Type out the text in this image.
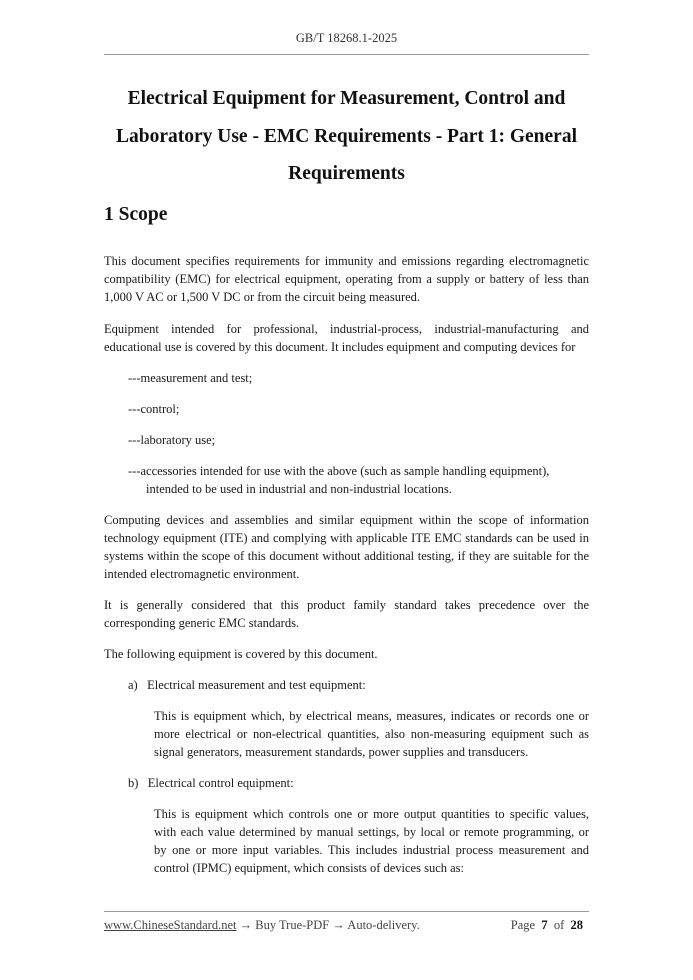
GB/T 18268.1-2025
Electrical Equipment for Measurement, Control and
Laboratory Use - EMC Requirements - Part 1: General
Requirements
1 Scope

This document specifies requirements for immunity and emissions regarding electromagnetic compatibility (EMC) for electrical equipment, operating from a supply or battery of less than 1,000 V AC or 1,500 V DC or from the circuit being measured.

Equipment intended for professional, industrial-process, industrial-manufacturing and educational use is covered by this document. It includes equipment and computing devices for

---measurement and test;

---control;

---laboratory use;

---accessories intended for use with the above (such as sample handling equipment),

intended to be used in industrial and non-industrial locations.

Computing devices and assemblies and similar equipment within the scope of information technology equipment (ITE) and complying with applicable ITE EMC standards can be used in systems within the scope of this document without additional testing, if they are suitable for the intended electromagnetic environment.

It is generally considered that this product family standard takes precedence over the corresponding generic EMC standards.

The following equipment is covered by this document.

a)   Electrical measurement and test equipment:

This is equipment which, by electrical means, measures, indicates or records one or more electrical or non-electrical quantities, also non-measuring equipment such as signal generators, measurement standards, power supplies and transducers.

b)   Electrical control equipment:

This is equipment which controls one or more output quantities to specific values, with each value determined by manual settings, by local or remote programming, or by one or more input variables. This includes industrial process measurement and control (IPMC) equipment, which consists of devices such as:

www.ChineseStandard.net → Buy True-PDF → Auto-delivery.	Page 7 of 28
